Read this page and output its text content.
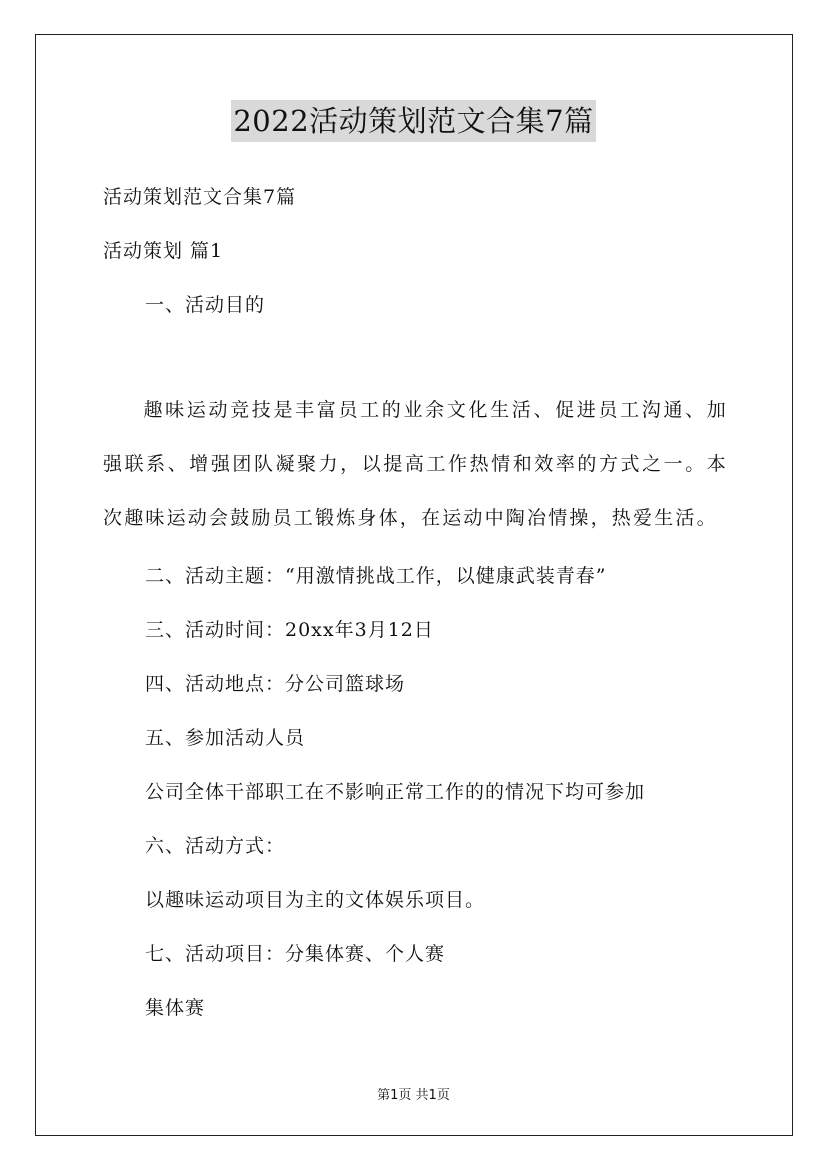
2022活动策划范文合集7篇
活动策划范文合集7篇
活动策划 篇1
一、活动目的
趣味运动竞技是丰富员工的业余文化生活、促进员工沟通、加强联系、增强团队凝聚力，以提高工作热情和效率的方式之一。本次趣味运动会鼓励员工锻炼身体，在运动中陶冶情操，热爱生活。
二、活动主题：“用激情挑战工作，以健康武装青春”
三、活动时间：20xx年3月12日
四、活动地点：分公司篮球场
五、参加活动人员
公司全体干部职工在不影响正常工作的的情况下均可参加
六、活动方式：
以趣味运动项目为主的文体娱乐项目。
七、活动项目：分集体赛、个人赛
集体赛
第1页 共1页
